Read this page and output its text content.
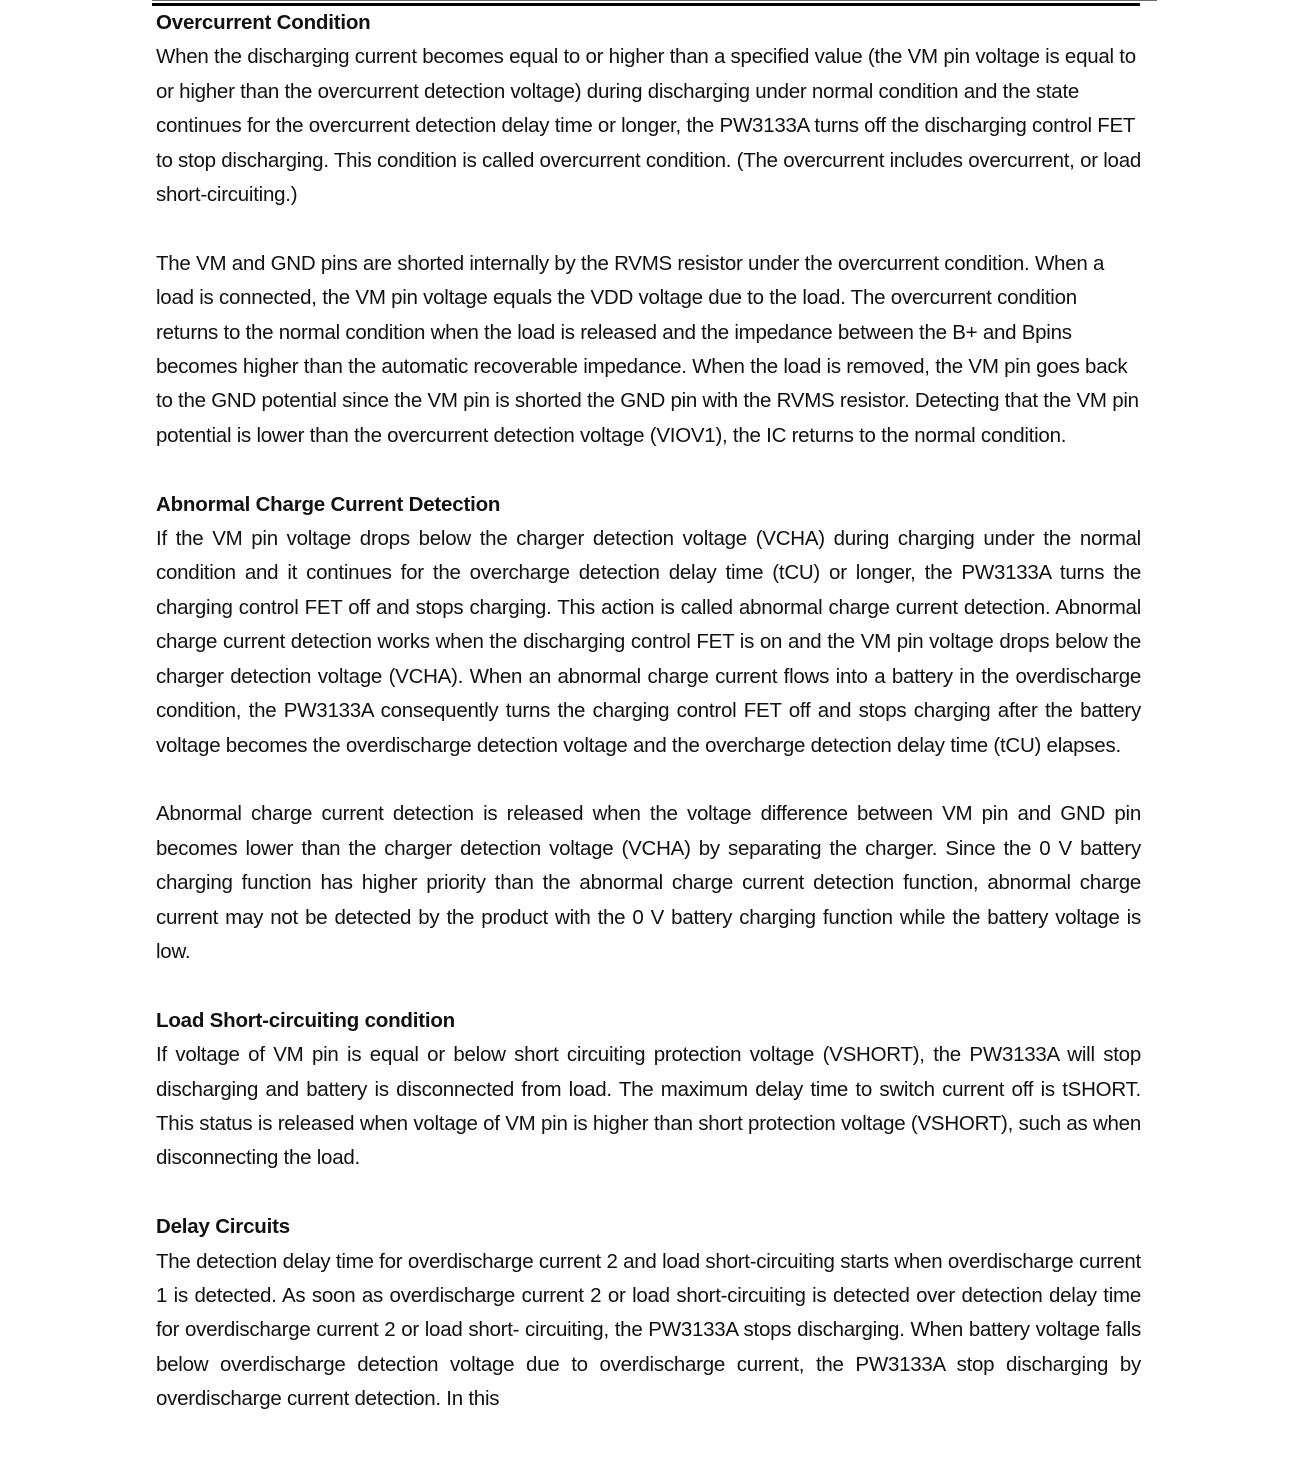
Overcurrent Condition

When the discharging current becomes equal to or higher than a specified value (the VM pin voltage is equal to or higher than the overcurrent detection voltage) during discharging under normal condition and the state continues for the overcurrent detection delay time or longer, the PW3133A turns off the discharging control FET to stop discharging. This condition is called overcurrent condition. (The overcurrent includes overcurrent, or load short-circuiting.)

The VM and GND pins are shorted internally by the RVMS resistor under the overcurrent condition. When a load is connected, the VM pin voltage equals the VDD voltage due to the load. The overcurrent condition returns to the normal condition when the load is released and the impedance between the B+ and Bpins becomes higher than the automatic recoverable impedance. When the load is removed, the VM pin goes back to the GND potential since the VM pin is shorted the GND pin with the RVMS resistor. Detecting that the VM pin potential is lower than the overcurrent detection voltage (VIOV1), the IC returns to the normal condition.

Abnormal Charge Current Detection

If the VM pin voltage drops below the charger detection voltage (VCHA) during charging under the normal condition and it continues for the overcharge detection delay time (tCU) or longer, the PW3133A turns the charging control FET off and stops charging. This action is called abnormal charge current detection. Abnormal charge current detection works when the discharging control FET is on and the VM pin voltage drops below the charger detection voltage (VCHA). When an abnormal charge current flows into a battery in the overdischarge condition, the PW3133A consequently turns the charging control FET off and stops charging after the battery voltage becomes the overdischarge detection voltage and the overcharge detection delay time (tCU) elapses.

Abnormal charge current detection is released when the voltage difference between VM pin and GND pin becomes lower than the charger detection voltage (VCHA) by separating the charger. Since the 0 V battery charging function has higher priority than the abnormal charge current detection function, abnormal charge current may not be detected by the product with the 0 V battery charging function while the battery voltage is low.

Load Short-circuiting condition

If voltage of VM pin is equal or below short circuiting protection voltage (VSHORT), the PW3133A will stop discharging and battery is disconnected from load. The maximum delay time to switch current off is tSHORT. This status is released when voltage of VM pin is higher than short protection voltage (VSHORT), such as when disconnecting the load.

Delay Circuits

The detection delay time for overdischarge current 2 and load short-circuiting starts when overdischarge current 1 is detected. As soon as overdischarge current 2 or load short-circuiting is detected over detection delay time for overdischarge current 2 or load short- circuiting, the PW3133A stops discharging. When battery voltage falls below overdischarge detection voltage due to overdischarge current, the PW3133A stop discharging by overdischarge current detection. In this
